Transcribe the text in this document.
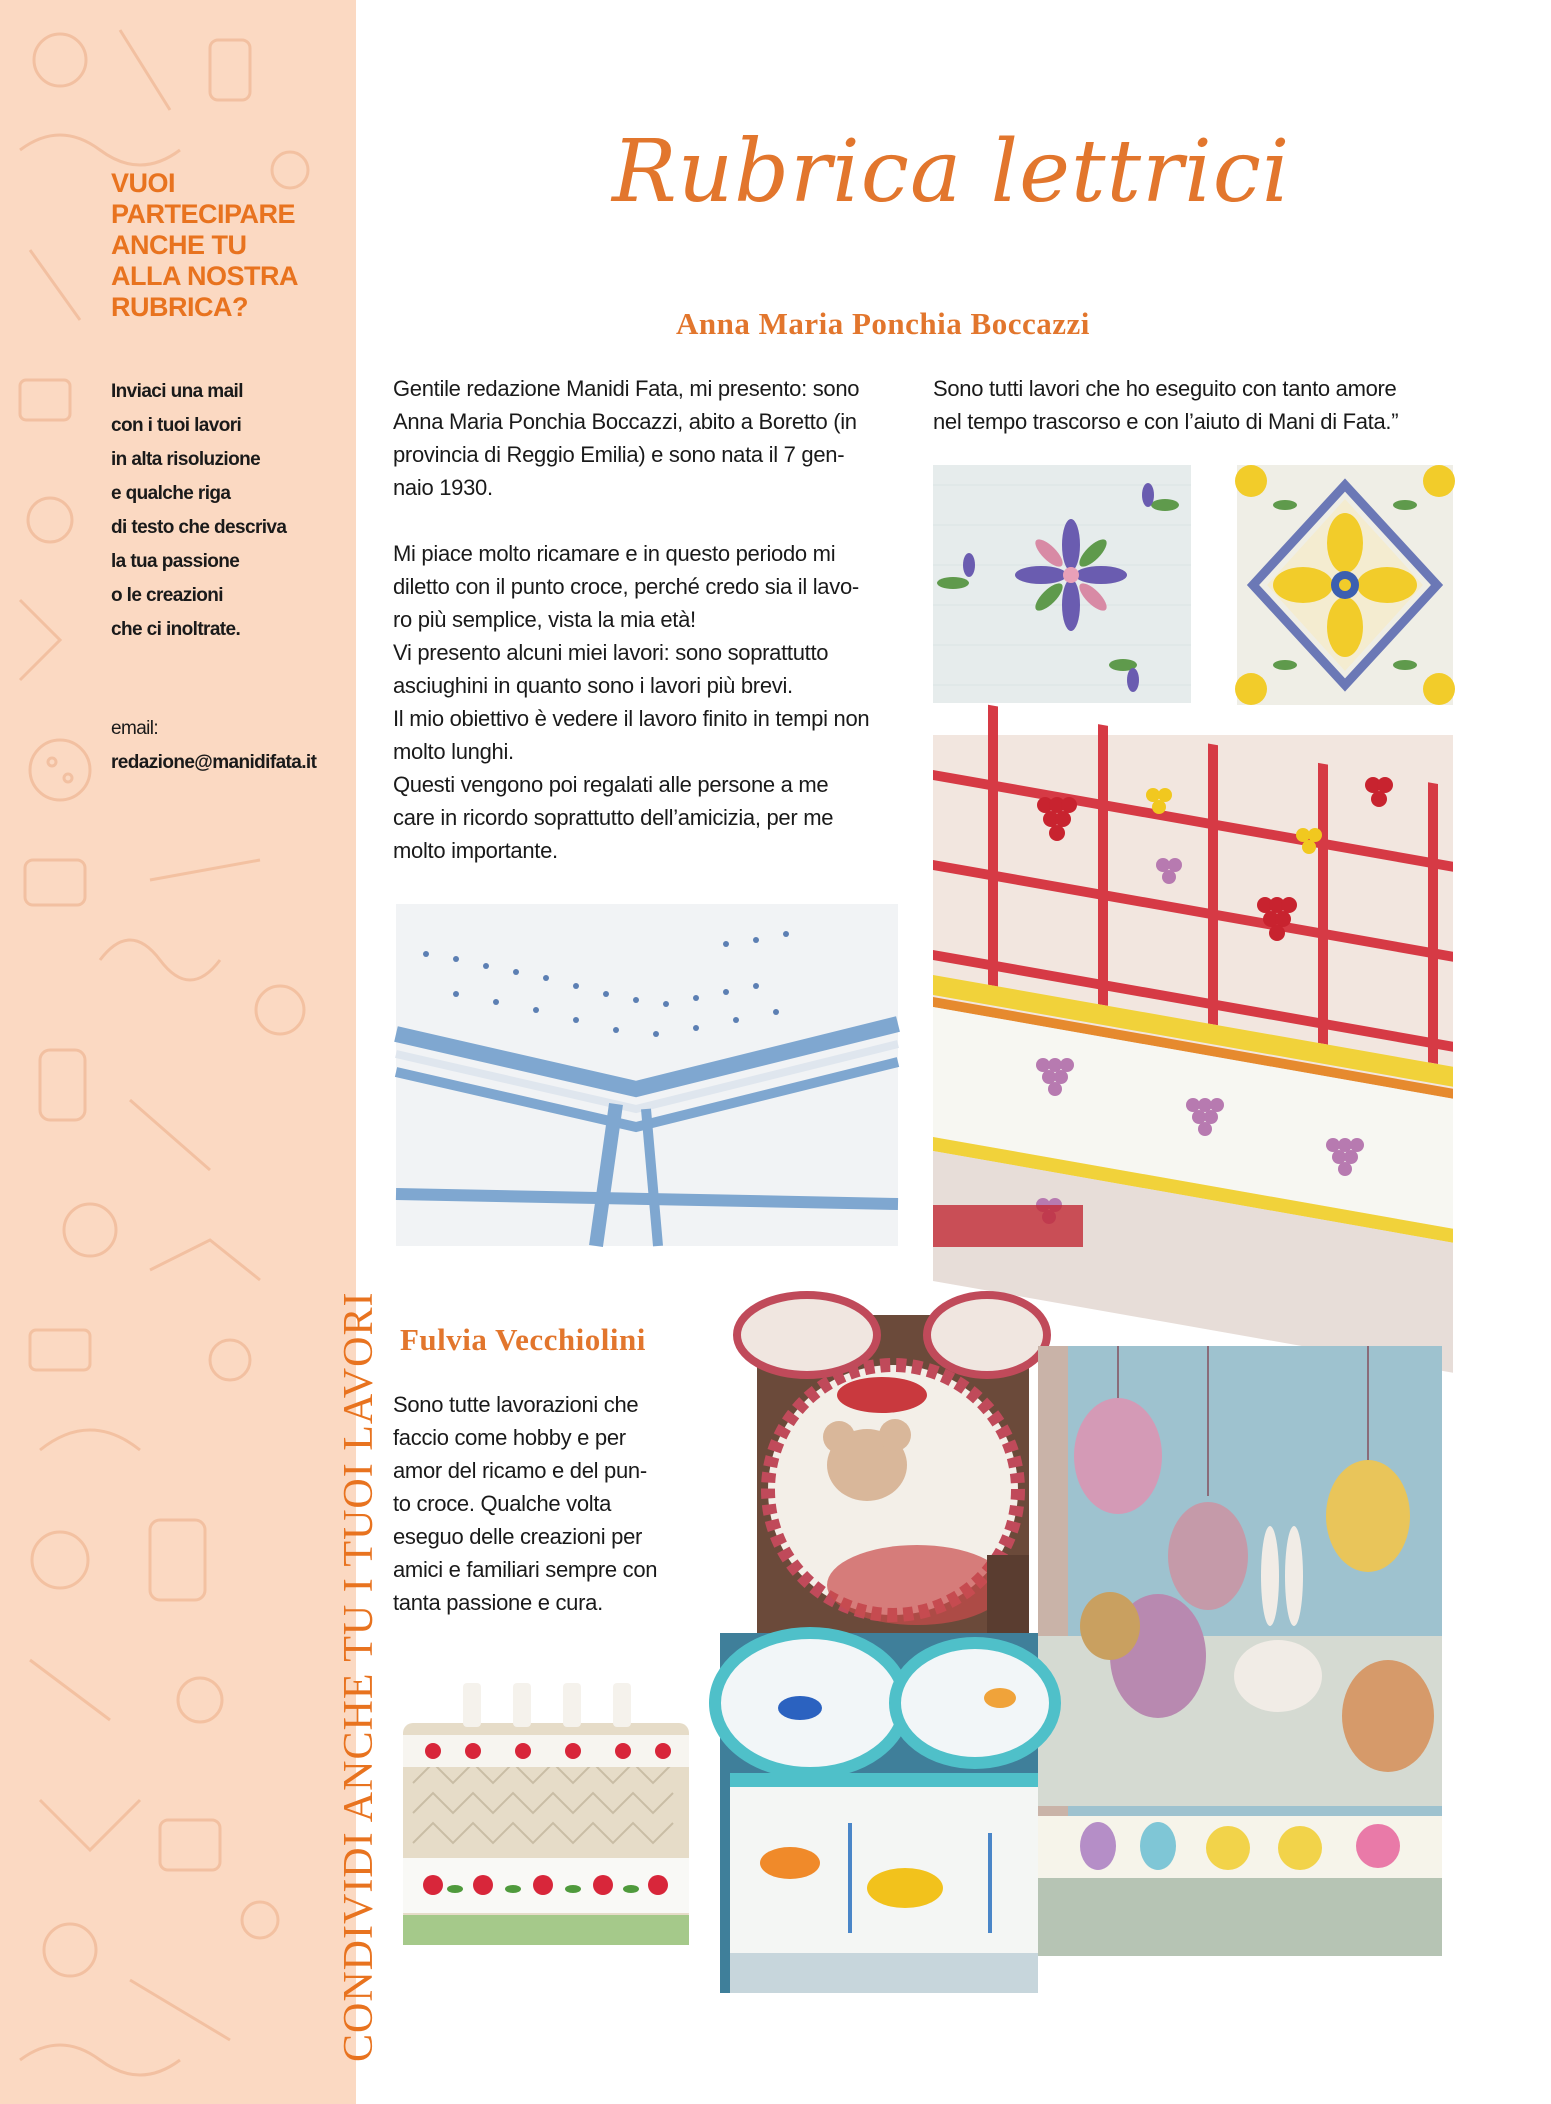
VUOI
PARTECIPARE
ANCHE TU
ALLA NOSTRA
RUBRICA?
Inviaci una mail
con i tuoi lavori
in alta risoluzione
e qualche riga
di testo che descriva
la tua passione
o le creazioni
che ci inoltrate.
email:
redazione@manidifata.it
CONDIVIDI ANCHE TU I TUOI LAVORI
Rubrica lettrici
Anna Maria Ponchia Boccazzi
Gentile redazione Manidi Fata, mi presento: sono
Anna Maria Ponchia Boccazzi, abito a Boretto (in
provincia di Reggio Emilia) e sono nata il 7 gen-
naio 1930.
Mi piace molto ricamare e in questo periodo mi
diletto con il punto croce, perché credo sia il lavo-
ro più semplice, vista la mia età!
Vi presento alcuni miei lavori: sono soprattutto
asciughini in quanto sono i lavori più brevi.
Il mio obiettivo è vedere il lavoro finito in tempi non
molto lunghi.
Questi vengono poi regalati alle persone a me
care in ricordo soprattutto dell’amicizia, per me
molto importante.
Sono tutti lavori che ho eseguito con tanto amore
nel tempo trascorso e con l’aiuto di Mani di Fata.”
Fulvia Vecchiolini
Sono tutte lavorazioni che
faccio come hobby e per
amor del ricamo e del pun-
to croce. Qualche volta
eseguo delle creazioni per
amici e familiari sempre con
tanta passione e cura.
